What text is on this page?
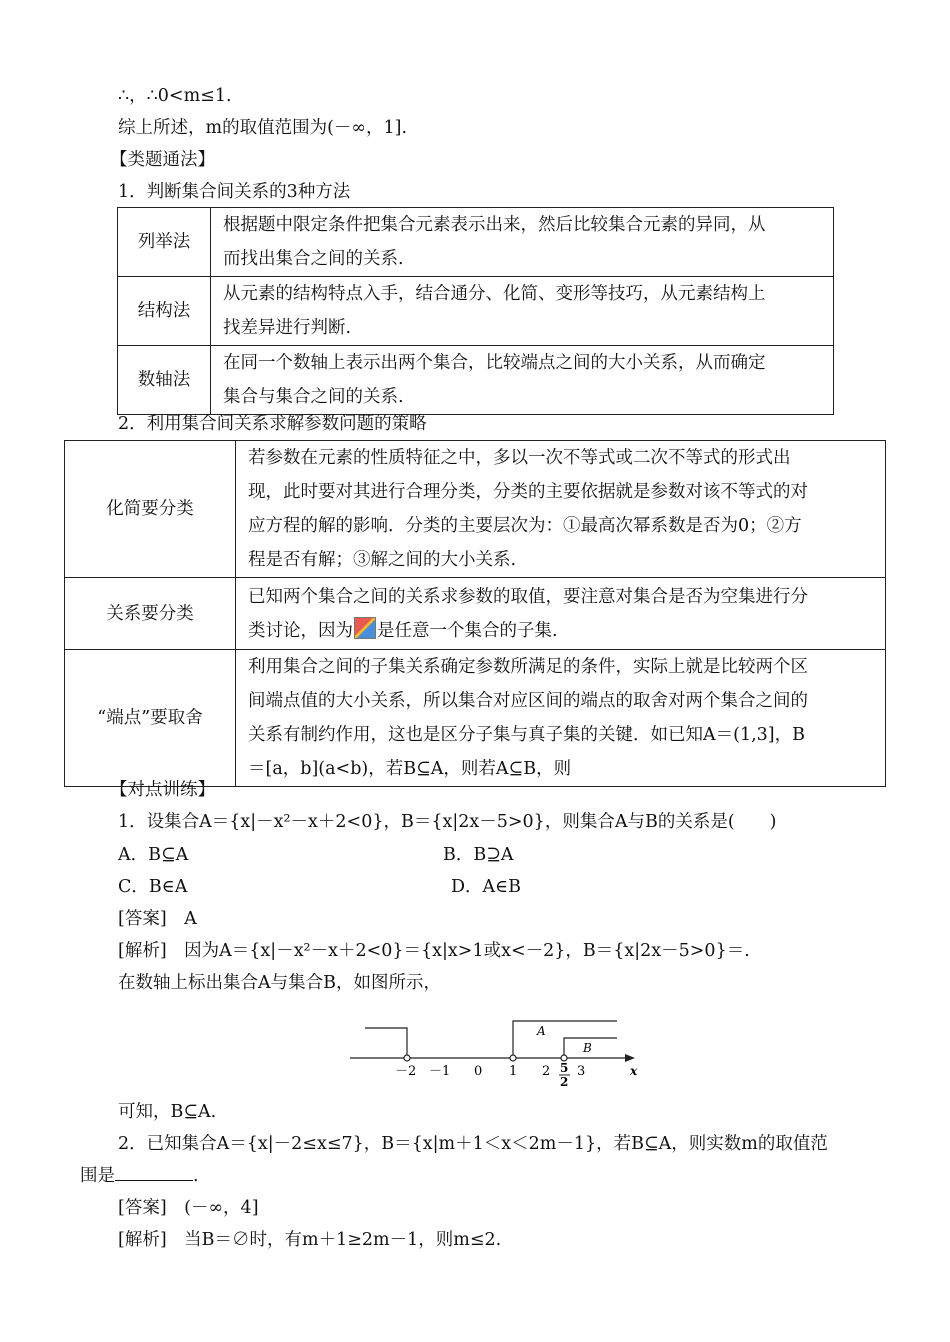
∴，∴0<m≤1.
综上所述，m的取值范围为(－∞，1].
【类题通法】
1．判断集合间关系的3种方法
列举法	根据题中限定条件把集合元素表示出来，然后比较集合元素的异同，从
而找出集合之间的关系.
结构法	从元素的结构特点入手，结合通分、化简、变形等技巧，从元素结构上
找差异进行判断.
数轴法	在同一个数轴上表示出两个集合，比较端点之间的大小关系，从而确定
集合与集合之间的关系.
2．利用集合间关系求解参数问题的策略
化简要分类	若参数在元素的性质特征之中，多以一次不等式或二次不等式的形式出
现，此时要对其进行合理分类，分类的主要依据就是参数对该不等式的对
应方程的解的影响．分类的主要层次为：①最高次幂系数是否为0；②方
程是否有解；③解之间的大小关系.
关系要分类	已知两个集合之间的关系求参数的取值，要注意对集合是否为空集进行分
类讨论，因为 是任意一个集合的子集.
“端点”要取舍	利用集合之间的子集关系确定参数所满足的条件，实际上就是比较两个区
间端点值的大小关系，所以集合对应区间的端点的取舍对两个集合之间的
关系有制约作用，这也是区分子集与真子集的关键．如已知A＝(1,3]，B
＝[a，b](a<b)，若B⊆A，则若A⊆B，则
【对点训练】
1．设集合A＝{x|－x²－x＋2<0}，B＝{x|2x－5>0}，则集合A与B的关系是(　　)
A．B⊆A	B．B⊇A
C．B∈A	D．A∈B
[答案]　A
[解析]　因为A＝{x|－x²－x＋2<0}＝{x|x>1或x<－2}，B＝{x|2x－5>0}＝.
在数轴上标出集合A与集合B，如图所示，
A
B
－2 －1 0 1 2 5
2
3	x
可知，B⊆A.
2．已知集合A＝{x|－2≤x≤7}，B＝{x|m＋1＜x＜2m－1}，若B⊆A，则实数m的取值范
围是	.
[答案]　(－∞，4]
[解析]　当B＝∅时，有m＋1≥2m－1，则m≤2.
